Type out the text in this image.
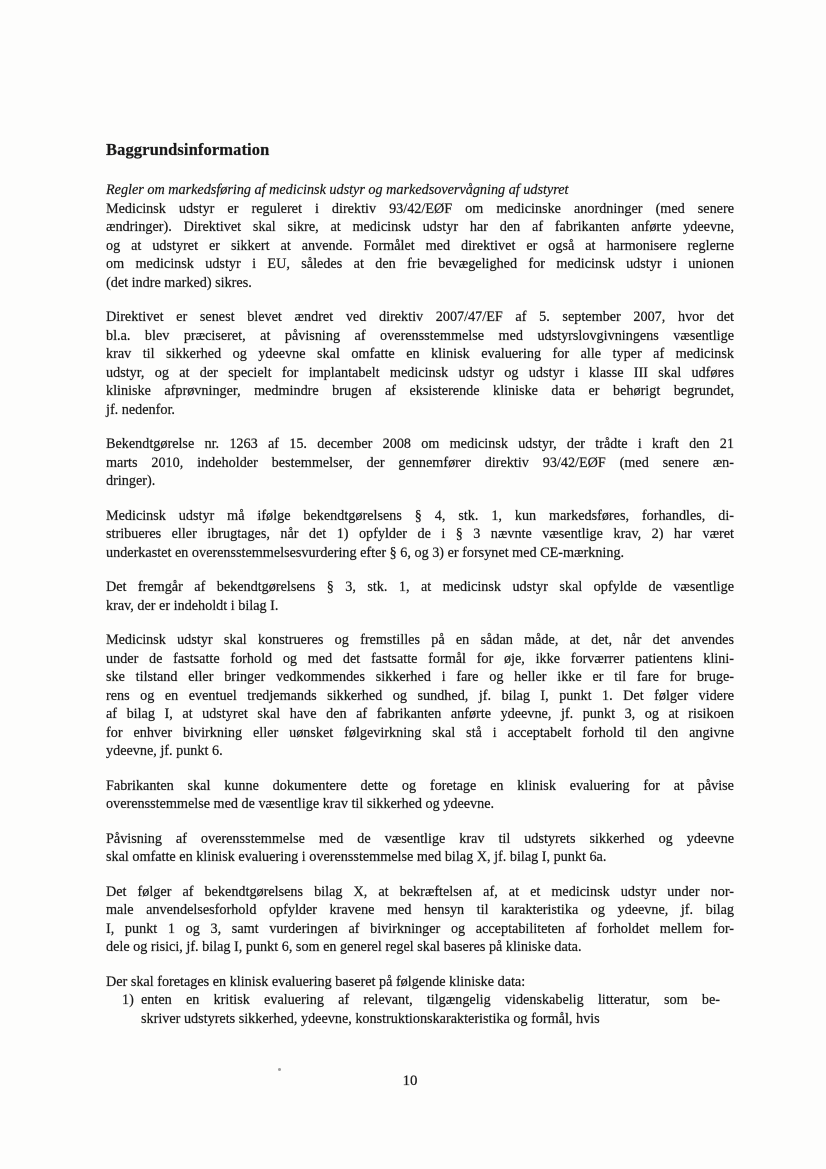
Baggrundsinformation
Regler om markedsføring af medicinsk udstyr og markedsovervågning af udstyret
Medicinsk udstyr er reguleret i direktiv 93/42/EØF om medicinske anordninger (med senere
ændringer). Direktivet skal sikre, at medicinsk udstyr har den af fabrikanten anførte ydeevne,
og at udstyret er sikkert at anvende. Formålet med direktivet er også at harmonisere reglerne
om medicinsk udstyr i EU, således at den frie bevægelighed for medicinsk udstyr i unionen
(det indre marked) sikres.
Direktivet er senest blevet ændret ved direktiv 2007/47/EF af 5. september 2007, hvor det
bl.a. blev præciseret, at påvisning af overensstemmelse med udstyrslovgivningens væsentlige
krav til sikkerhed og ydeevne skal omfatte en klinisk evaluering for alle typer af medicinsk
udstyr, og at der specielt for implantabelt medicinsk udstyr og udstyr i klasse III skal udføres
kliniske afprøvninger, medmindre brugen af eksisterende kliniske data er behørigt begrundet,
jf. nedenfor.
Bekendtgørelse nr. 1263 af 15. december 2008 om medicinsk udstyr, der trådte i kraft den 21
marts 2010, indeholder bestemmelser, der gennemfører direktiv 93/42/EØF (med senere æn-
dringer).
Medicinsk udstyr må ifølge bekendtgørelsens § 4, stk. 1, kun markedsføres, forhandles, di-
stribueres eller ibrugtages, når det 1) opfylder de i § 3 nævnte væsentlige krav, 2) har været
underkastet en overensstemmelsesvurdering efter § 6, og 3) er forsynet med CE-mærkning.
Det fremgår af bekendtgørelsens § 3, stk. 1, at medicinsk udstyr skal opfylde de væsentlige
krav, der er indeholdt i bilag I.
Medicinsk udstyr skal konstrueres og fremstilles på en sådan måde, at det, når det anvendes
under de fastsatte forhold og med det fastsatte formål for øje, ikke forværrer patientens klini-
ske tilstand eller bringer vedkommendes sikkerhed i fare og heller ikke er til fare for bruge-
rens og en eventuel tredjemands sikkerhed og sundhed, jf. bilag I, punkt 1. Det følger videre
af bilag I, at udstyret skal have den af fabrikanten anførte ydeevne, jf. punkt 3, og at risikoen
for enhver bivirkning eller uønsket følgevirkning skal stå i acceptabelt forhold til den angivne
ydeevne, jf. punkt 6.
Fabrikanten skal kunne dokumentere dette og foretage en klinisk evaluering for at påvise
overensstemmelse med de væsentlige krav til sikkerhed og ydeevne.
Påvisning af overensstemmelse med de væsentlige krav til udstyrets sikkerhed og ydeevne
skal omfatte en klinisk evaluering i overensstemmelse med bilag X, jf. bilag I, punkt 6a.
Det følger af bekendtgørelsens bilag X, at bekræftelsen af, at et medicinsk udstyr under nor-
male anvendelsesforhold opfylder kravene med hensyn til karakteristika og ydeevne, jf. bilag
I, punkt 1 og 3, samt vurderingen af bivirkninger og acceptabiliteten af forholdet mellem for-
dele og risici, jf. bilag I, punkt 6, som en generel regel skal baseres på kliniske data.
Der skal foretages en klinisk evaluering baseret på følgende kliniske data:
1) enten en kritisk evaluering af relevant, tilgængelig videnskabelig litteratur, som be-
skriver udstyrets sikkerhed, ydeevne, konstruktionskarakteristika og formål, hvis
10
